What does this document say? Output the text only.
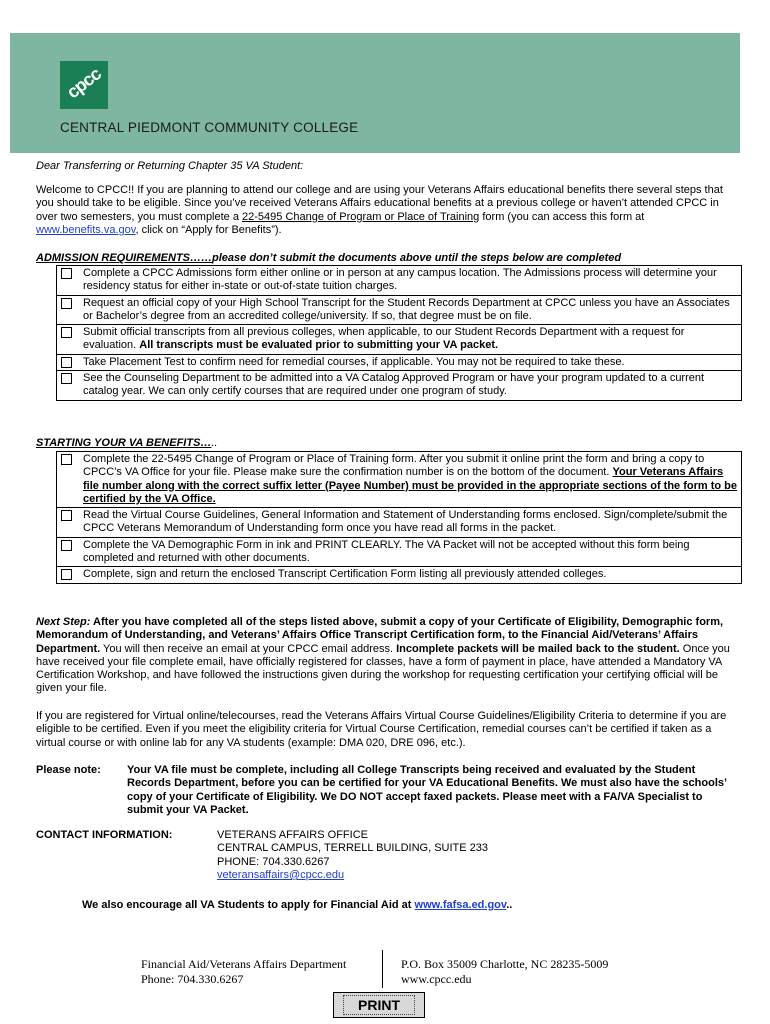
cpcc
CENTRAL PIEDMONT COMMUNITY COLLEGE
Dear Transferring or Returning Chapter 35 VA Student:
Welcome to CPCC!! If you are planning to attend our college and are using your Veterans Affairs educational benefits there several steps that you should take to be eligible. Since you’ve received Veterans Affairs educational benefits at a previous college or haven’t attended CPCC in over two semesters, you must complete a 22-5495 Change of Program or Place of Training form (you can access this form at www.benefits.va.gov, click on “Apply for Benefits”).
ADMISSION REQUIREMENTS……please don’t submit the documents above until the steps below are completed
Complete a CPCC Admissions form either online or in person at any campus location. The Admissions process will determine your residency status for either in-state or out-of-state tuition charges.
Request an official copy of your High School Transcript for the Student Records Department at CPCC unless you have an Associates or Bachelor’s degree from an accredited college/university. If so, that degree must be on file.
Submit official transcripts from all previous colleges, when applicable, to our Student Records Department with a request for evaluation. All transcripts must be evaluated prior to submitting your VA packet.
Take Placement Test to confirm need for remedial courses, if applicable. You may not be required to take these.
See the Counseling Department to be admitted into a VA Catalog Approved Program or have your program updated to a current catalog year. We can only certify courses that are required under one program of study.
STARTING YOUR VA BENEFITS…..
Complete the 22-5495 Change of Program or Place of Training form. After you submit it online print the form and bring a copy to CPCC’s VA Office for your file. Please make sure the confirmation number is on the bottom of the document. Your Veterans Affairs file number along with the correct suffix letter (Payee Number) must be provided in the appropriate sections of the form to be certified by the VA Office.
Read the Virtual Course Guidelines, General Information and Statement of Understanding forms enclosed. Sign/complete/submit the CPCC Veterans Memorandum of Understanding form once you have read all forms in the packet.
Complete the VA Demographic Form in ink and PRINT CLEARLY. The VA Packet will not be accepted without this form being completed and returned with other documents.
Complete, sign and return the enclosed Transcript Certification Form listing all previously attended colleges.
Next Step: After you have completed all of the steps listed above, submit a copy of your Certificate of Eligibility, Demographic form, Memorandum of Understanding, and Veterans’ Affairs Office Transcript Certification form, to the Financial Aid/Veterans’ Affairs Department. You will then receive an email at your CPCC email address. Incomplete packets will be mailed back to the student. Once you have received your file complete email, have officially registered for classes, have a form of payment in place, have attended a Mandatory VA Certification Workshop, and have followed the instructions given during the workshop for requesting certification your certifying official will be given your file.
If you are registered for Virtual online/telecourses, read the Veterans Affairs Virtual Course Guidelines/Eligibility Criteria to determine if you are eligible to be certified. Even if you meet the eligibility criteria for Virtual Course Certification, remedial courses can’t be certified if taken as a virtual course or with online lab for any VA students (example: DMA 020, DRE 096, etc.).
Please note: Your VA file must be complete, including all College Transcripts being received and evaluated by the Student Records Department, before you can be certified for your VA Educational Benefits. We must also have the schools’ copy of your Certificate of Eligibility. We DO NOT accept faxed packets. Please meet with a FA/VA Specialist to submit your VA Packet.
CONTACT INFORMATION:	VETERANS AFFAIRS OFFICE
CENTRAL CAMPUS, TERRELL BUILDING, SUITE 233
PHONE: 704.330.6267
veteransaffairs@cpcc.edu
We also encourage all VA Students to apply for Financial Aid at www.fafsa.ed.gov..
Financial Aid/Veterans Affairs Department
Phone: 704.330.6267
P.O. Box 35009 Charlotte, NC 28235-5009
www.cpcc.edu
PRINT
